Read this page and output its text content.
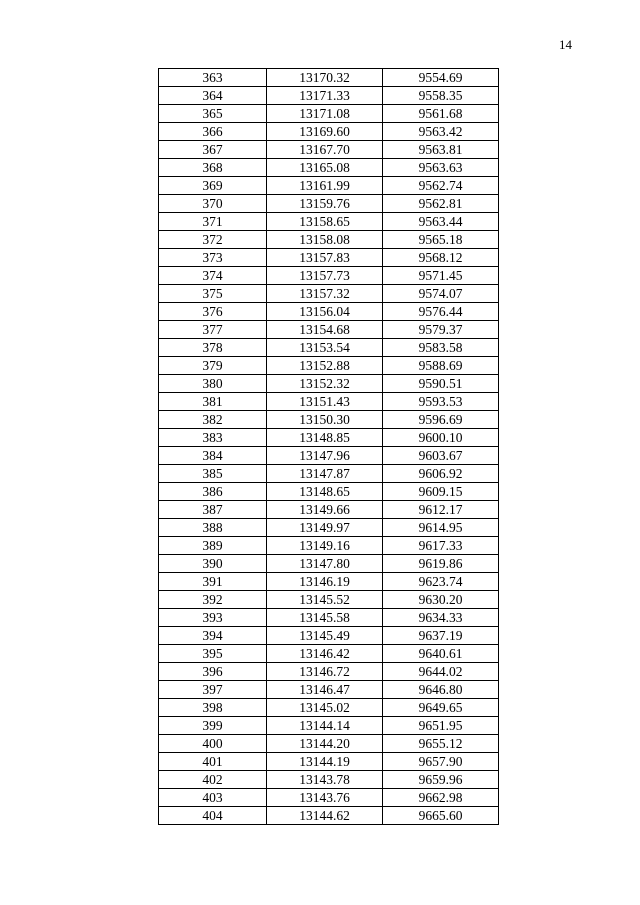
14
363	13170.32	9554.69
364	13171.33	9558.35
365	13171.08	9561.68
366	13169.60	9563.42
367	13167.70	9563.81
368	13165.08	9563.63
369	13161.99	9562.74
370	13159.76	9562.81
371	13158.65	9563.44
372	13158.08	9565.18
373	13157.83	9568.12
374	13157.73	9571.45
375	13157.32	9574.07
376	13156.04	9576.44
377	13154.68	9579.37
378	13153.54	9583.58
379	13152.88	9588.69
380	13152.32	9590.51
381	13151.43	9593.53
382	13150.30	9596.69
383	13148.85	9600.10
384	13147.96	9603.67
385	13147.87	9606.92
386	13148.65	9609.15
387	13149.66	9612.17
388	13149.97	9614.95
389	13149.16	9617.33
390	13147.80	9619.86
391	13146.19	9623.74
392	13145.52	9630.20
393	13145.58	9634.33
394	13145.49	9637.19
395	13146.42	9640.61
396	13146.72	9644.02
397	13146.47	9646.80
398	13145.02	9649.65
399	13144.14	9651.95
400	13144.20	9655.12
401	13144.19	9657.90
402	13143.78	9659.96
403	13143.76	9662.98
404	13144.62	9665.60
